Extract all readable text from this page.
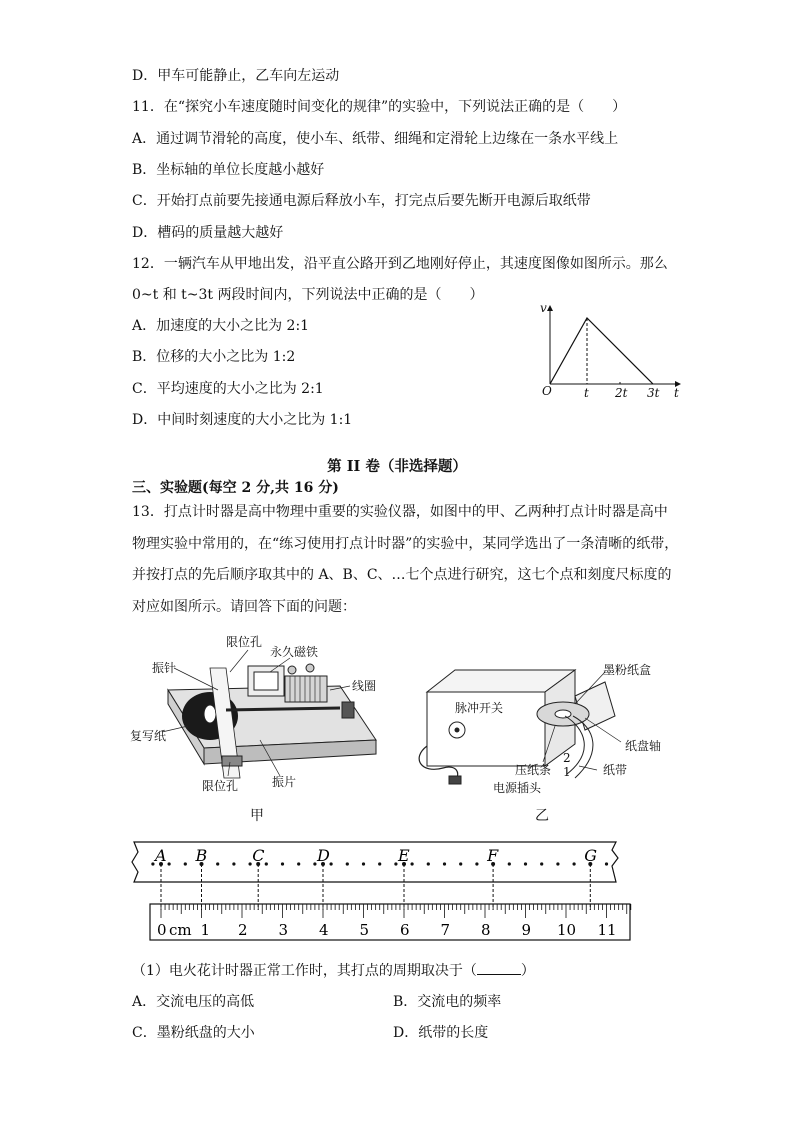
D．甲车可能静止，乙车向左运动
11．在“探究小车速度随时间变化的规律”的实验中，下列说法正确的是（　　）
A．通过调节滑轮的高度，使小车、纸带、细绳和定滑轮上边缘在一条水平线上
B．坐标轴的单位长度越小越好
C．开始打点前要先接通电源后释放小车，打完点后要先断开电源后取纸带
D．槽码的质量越大越好
12．一辆汽车从甲地出发，沿平直公路开到乙地刚好停止，其速度图像如图所示。那么
0~t 和 t~3t 两段时间内，下列说法中正确的是（　　）
A．加速度的大小之比为 2:1
B．位移的大小之比为 1:2
C．平均速度的大小之比为 2:1
D．中间时刻速度的大小之比为 1:1
v
t
O	t 2t 3t
第 II 卷（非选择题）
三、实验题(每空 2 分,共 16 分)
13．打点计时器是高中物理中重要的实验仪器，如图中的甲、乙两种打点计时器是高中
物理实验中常用的，在“练习使用打点计时器”的实验中，某同学选出了一条清晰的纸带，
并按打点的先后顺序取其中的 A、B、C、…七个点进行研究，这七个点和刻度尺标度的
对应如图所示。请回答下面的问题：
限位孔
永久磁铁
振针
线圈
复写纸
限位孔	振片
甲
墨粉纸盒
脉冲开关
压纸条
纸盘轴
纸带
电源插头
2
1
乙
A B	C	D	E	F	G
0 cm 1 2 3 4 5 6 7 8 9 10 11
（1）电火花计时器正常工作时，其打点的周期取决于（	）
A．交流电压的高低	B．交流电的频率
C．墨粉纸盘的大小	D．纸带的长度
